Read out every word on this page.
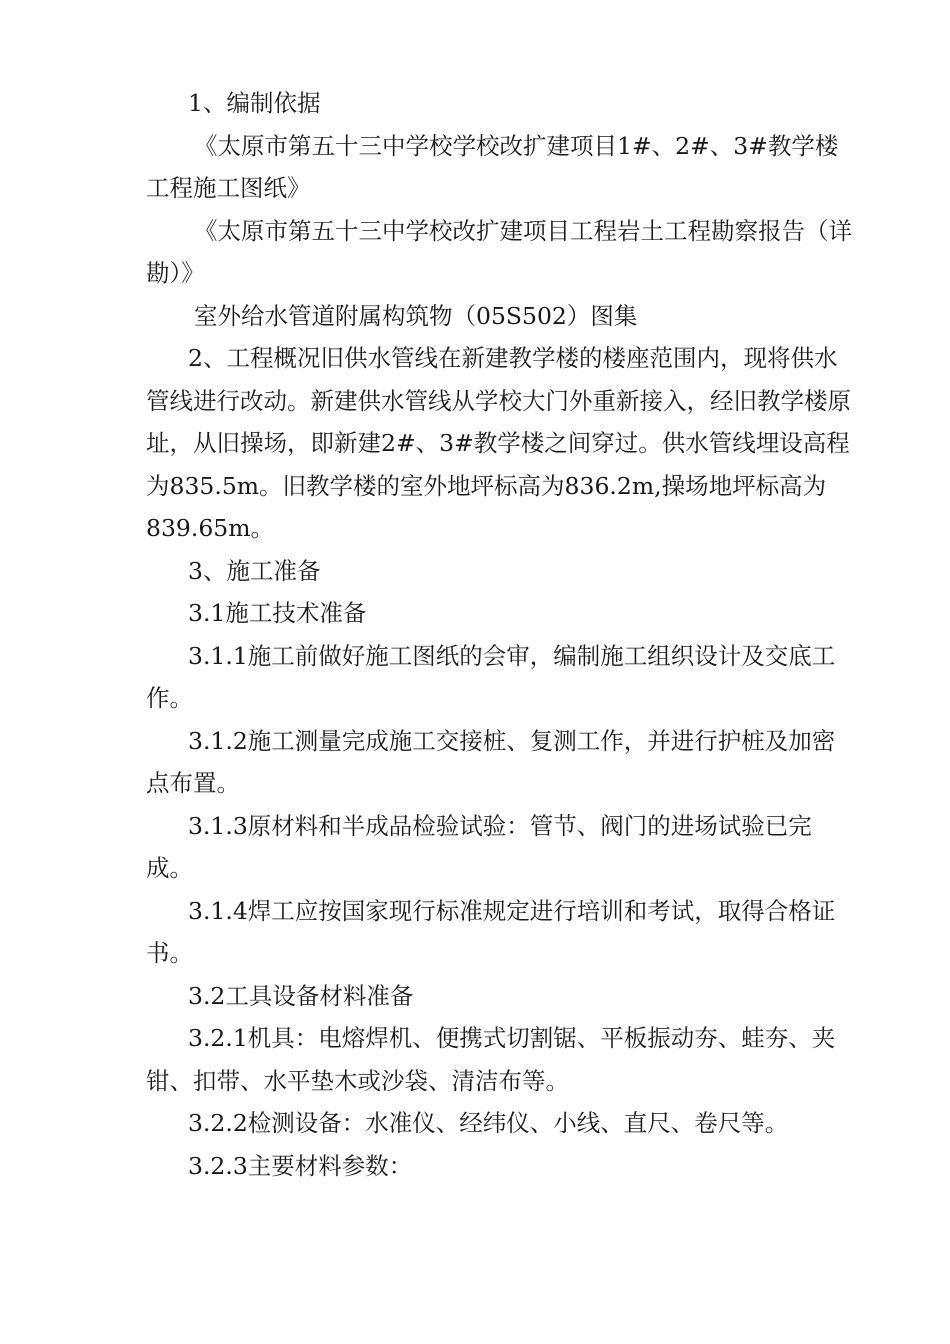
1、编制依据

《太原市第五十三中学校学校改扩建项目1#、2#、3#教学楼工程施工图纸》

《太原市第五十三中学校改扩建项目工程岩土工程勘察报告（详勘）》

室外给水管道附属构筑物（05S502）图集

2、工程概况旧供水管线在新建教学楼的楼座范围内，现将供水管线进行改动。新建供水管线从学校大门外重新接入，经旧教学楼原址，从旧操场，即新建2#、3#教学楼之间穿过。供水管线埋设高程为835.5m。旧教学楼的室外地坪标高为836.2m,操场地坪标高为839.65m。

3、施工准备

3.1施工技术准备

3.1.1施工前做好施工图纸的会审，编制施工组织设计及交底工作。

3.1.2施工测量完成施工交接桩、复测工作，并进行护桩及加密点布置。

3.1.3原材料和半成品检验试验：管节、阀门的进场试验已完成。

3.1.4焊工应按国家现行标准规定进行培训和考试，取得合格证书。

3.2工具设备材料准备

3.2.1机具：电熔焊机、便携式切割锯、平板振动夯、蛙夯、夹钳、扣带、水平垫木或沙袋、清洁布等。

3.2.2检测设备：水准仪、经纬仪、小线、直尺、卷尺等。

3.2.3主要材料参数：
